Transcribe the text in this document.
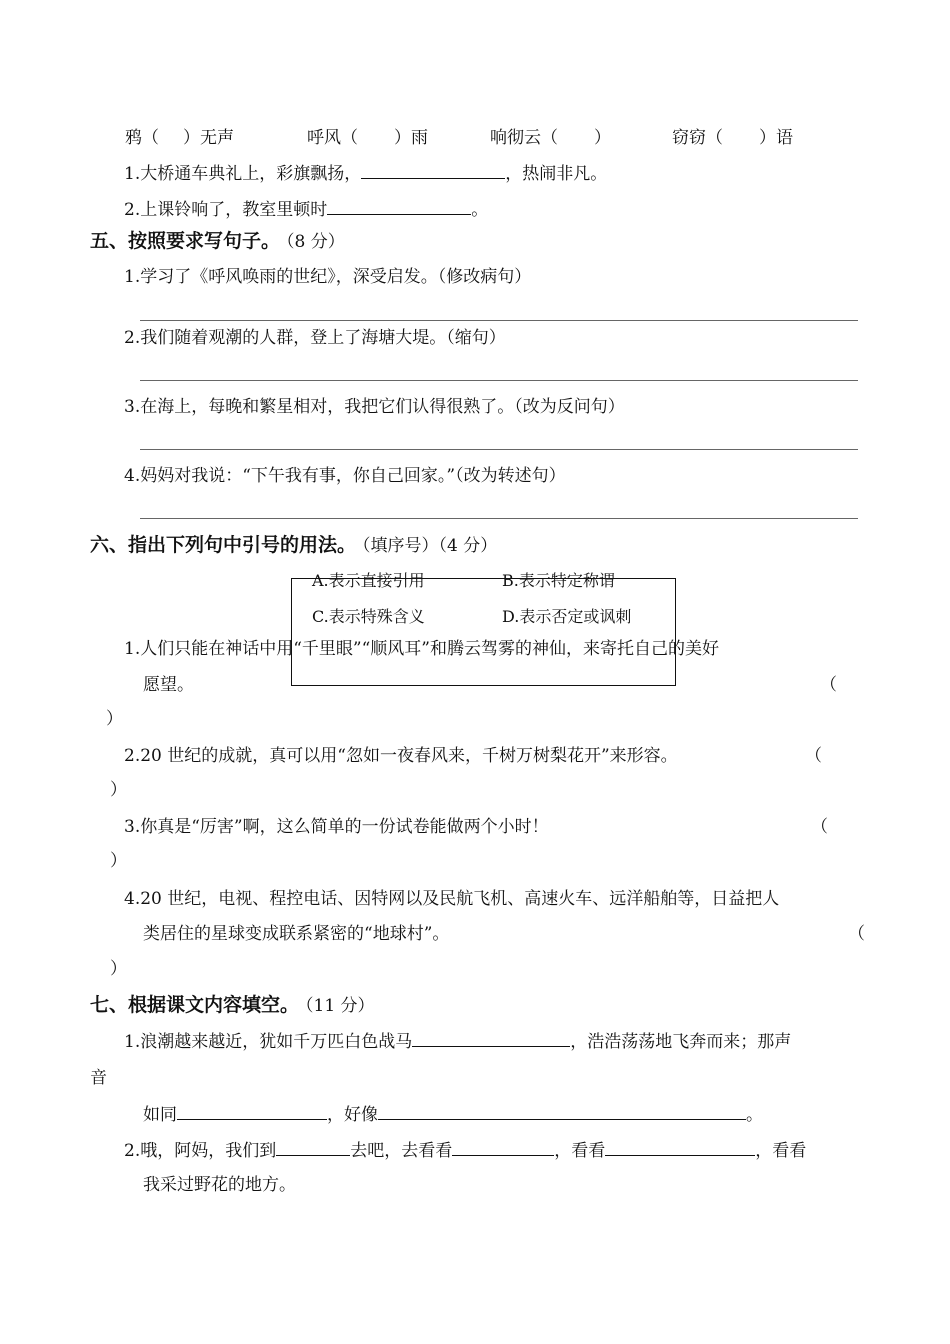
鸦（ ）无声	呼风（ ）雨	响彻云（ ）	窃窃（ ）语
1.大桥通车典礼上，彩旗飘扬，	，热闹非凡。
2.上课铃响了，教室里顿时	。
五、按照要求写句子。 （8 分）
1.学习了《呼风唤雨的世纪》，深受启发。（修改病句）
2.我们随着观潮的人群，登上了海塘大堤。（缩句）
3.在海上，每晚和繁星相对，我把它们认得很熟了。（改为反问句）
4.妈妈对我说：“下午我有事，你自己回家。”（改为转述句）
六、指出下列句中引号的用法。 （填序号）（4 分）
A.表示直接引用	B.表示特定称谓
C.表示特殊含义	D.表示否定或讽刺
1.人们只能在神话中用“千里眼”“顺风耳”和腾云驾雾的神仙，来寄托自己的美好
愿望。	（
）
2.20 世纪的成就，真可以用“忽如一夜春风来，千树万树梨花开”来形容。	（
）
3.你真是“厉害”啊，这么简单的一份试卷能做两个小时！	（
）
4.20 世纪，电视、程控电话、因特网以及民航飞机、高速火车、远洋船舶等，日益把人
类居住的星球变成联系紧密的“地球村”。	（
）
七、根据课文内容填空。 （11 分）
1.浪潮越来越近，犹如千万匹白色战马	，浩浩荡荡地飞奔而来；那声
音
如同	，好像	。
2.哦，阿妈，我们到	去吧，去看看	，看看	，看看
我采过野花的地方。
